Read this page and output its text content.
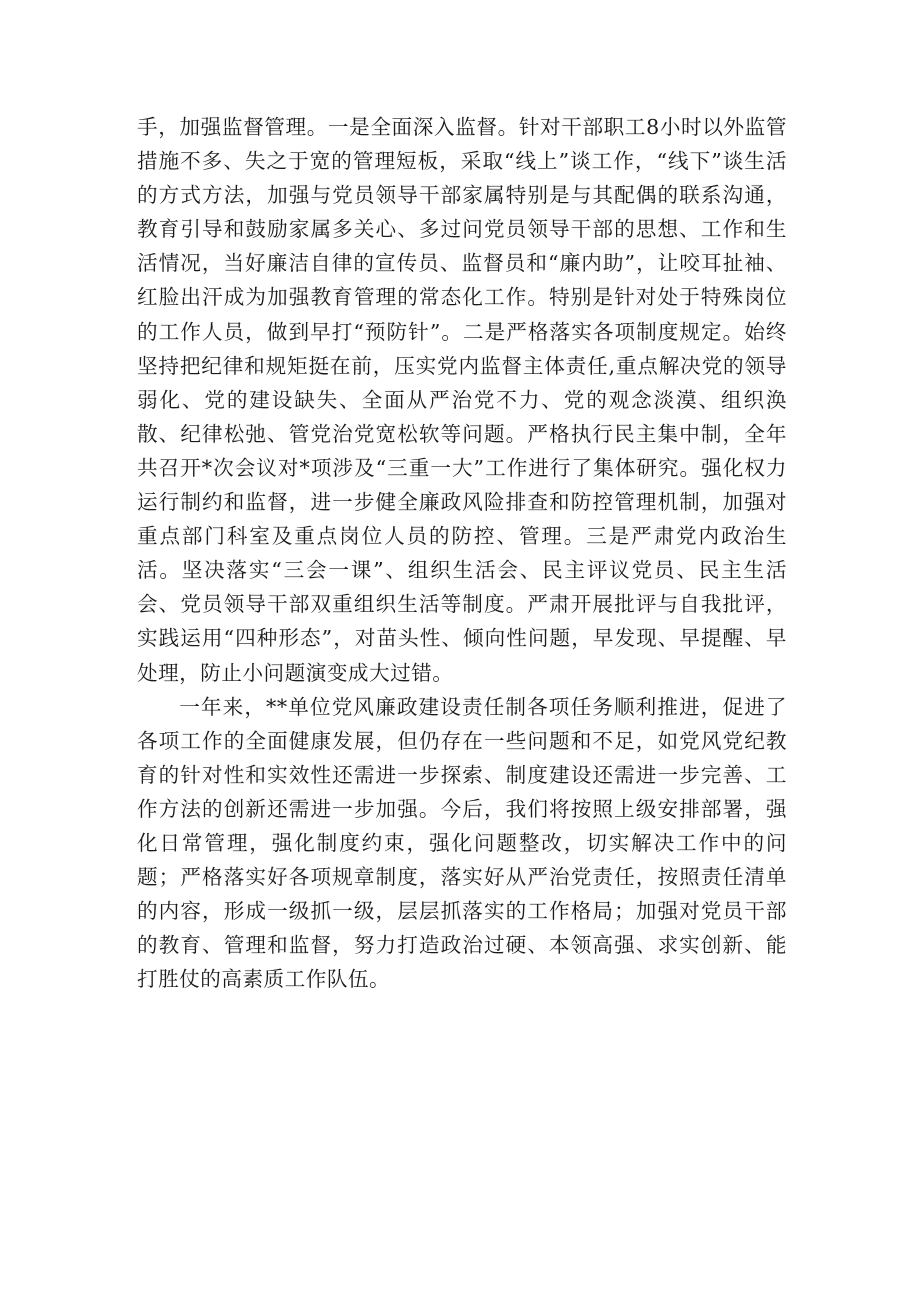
手，加强监督管理。一是全面深入监督。针对干部职工8小时以外监管措施不多、失之于宽的管理短板，采取“线上”谈工作，“线下”谈生活的方式方法，加强与党员领导干部家属特别是与其配偶的联系沟通，教育引导和鼓励家属多关心、多过问党员领导干部的思想、工作和生活情况，当好廉洁自律的宣传员、监督员和“廉内助”，让咬耳扯袖、红脸出汗成为加强教育管理的常态化工作。特别是针对处于特殊岗位的工作人员，做到早打“预防针”。二是严格落实各项制度规定。始终坚持把纪律和规矩挺在前，压实党内监督主体责任,重点解决党的领导弱化、党的建设缺失、全面从严治党不力、党的观念淡漠、组织涣散、纪律松弛、管党治党宽松软等问题。严格执行民主集中制，全年共召开*次会议对*项涉及“三重一大”工作进行了集体研究。强化权力运行制约和监督，进一步健全廉政风险排查和防控管理机制，加强对重点部门科室及重点岗位人员的防控、管理。三是严肃党内政治生活。坚决落实“三会一课”、组织生活会、民主评议党员、民主生活会、党员领导干部双重组织生活等制度。严肃开展批评与自我批评，实践运用“四种形态”，对苗头性、倾向性问题，早发现、早提醒、早处理，防止小问题演变成大过错。

一年来，**单位党风廉政建设责任制各项任务顺利推进，促进了各项工作的全面健康发展，但仍存在一些问题和不足，如党风党纪教育的针对性和实效性还需进一步探索、制度建设还需进一步完善、工作方法的创新还需进一步加强。今后，我们将按照上级安排部署，强化日常管理，强化制度约束，强化问题整改，切实解决工作中的问题；严格落实好各项规章制度，落实好从严治党责任，按照责任清单的内容，形成一级抓一级，层层抓落实的工作格局；加强对党员干部的教育、管理和监督，努力打造政治过硬、本领高强、求实创新、能打胜仗的高素质工作队伍。
